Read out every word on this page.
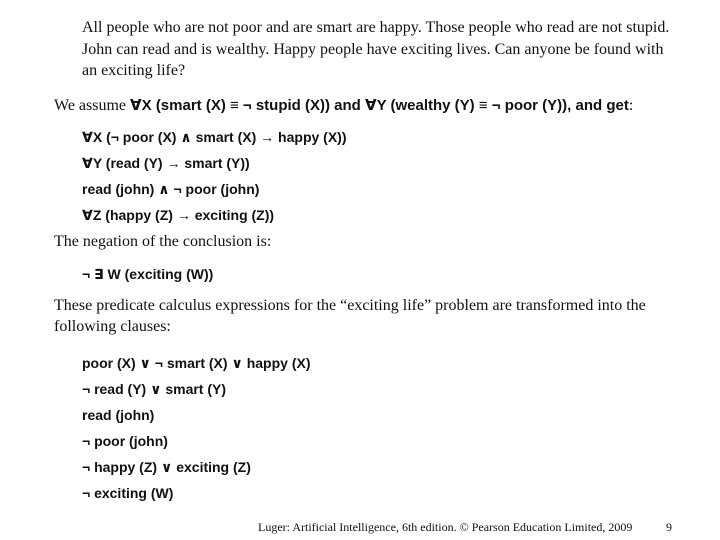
All people who are not poor and are smart are happy. Those people who read are not stupid. John can read and is wealthy. Happy people have exciting lives. Can anyone be found with an exciting life?
We assume ∀X (smart (X) ≡ ¬ stupid (X)) and ∀Y (wealthy (Y) ≡ ¬ poor (Y)), and get:
∀X (¬ poor (X) ∧ smart (X) → happy (X))
∀Y (read (Y) → smart (Y))
read (john) ∧ ¬ poor (john)
∀Z (happy (Z) → exciting (Z))
The negation of the conclusion is:
¬ ∃ W (exciting (W))
These predicate calculus expressions for the “exciting life” problem are transformed into the following clauses:
poor (X) ∨ ¬ smart (X) ∨ happy (X)
¬ read (Y) ∨ smart (Y)
read (john)
¬ poor (john)
¬ happy (Z) ∨ exciting (Z)
¬ exciting (W)
Luger: Artificial Intelligence, 6th edition. © Pearson Education Limited, 2009	9
